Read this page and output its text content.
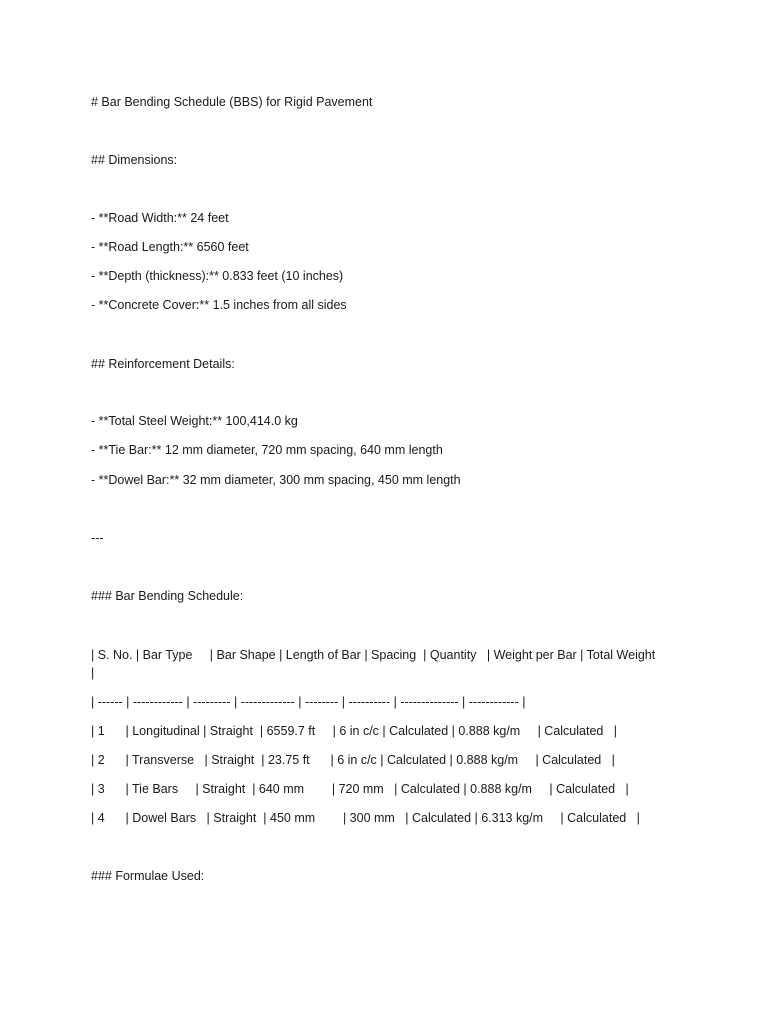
# Bar Bending Schedule (BBS) for Rigid Pavement
## Dimensions:
- **Road Width:** 24 feet
- **Road Length:** 6560 feet
- **Depth (thickness):** 0.833 feet (10 inches)
- **Concrete Cover:** 1.5 inches from all sides
## Reinforcement Details:
- **Total Steel Weight:** 100,414.0 kg
- **Tie Bar:** 12 mm diameter, 720 mm spacing, 640 mm length
- **Dowel Bar:** 32 mm diameter, 300 mm spacing, 450 mm length
---
### Bar Bending Schedule:
| S. No. | Bar Type     | Bar Shape | Length of Bar | Spacing  | Quantity   | Weight per Bar | Total Weight
|
| ------ | ------------ | --------- | ------------- | -------- | ---------- | -------------- | ------------ |
| 1      | Longitudinal | Straight  | 6559.7 ft     | 6 in c/c | Calculated | 0.888 kg/m     | Calculated   |
| 2      | Transverse   | Straight  | 23.75 ft      | 6 in c/c | Calculated | 0.888 kg/m     | Calculated   |
| 3      | Tie Bars     | Straight  | 640 mm        | 720 mm   | Calculated | 0.888 kg/m     | Calculated   |
| 4      | Dowel Bars   | Straight  | 450 mm        | 300 mm   | Calculated | 6.313 kg/m     | Calculated   |
### Formulae Used:
